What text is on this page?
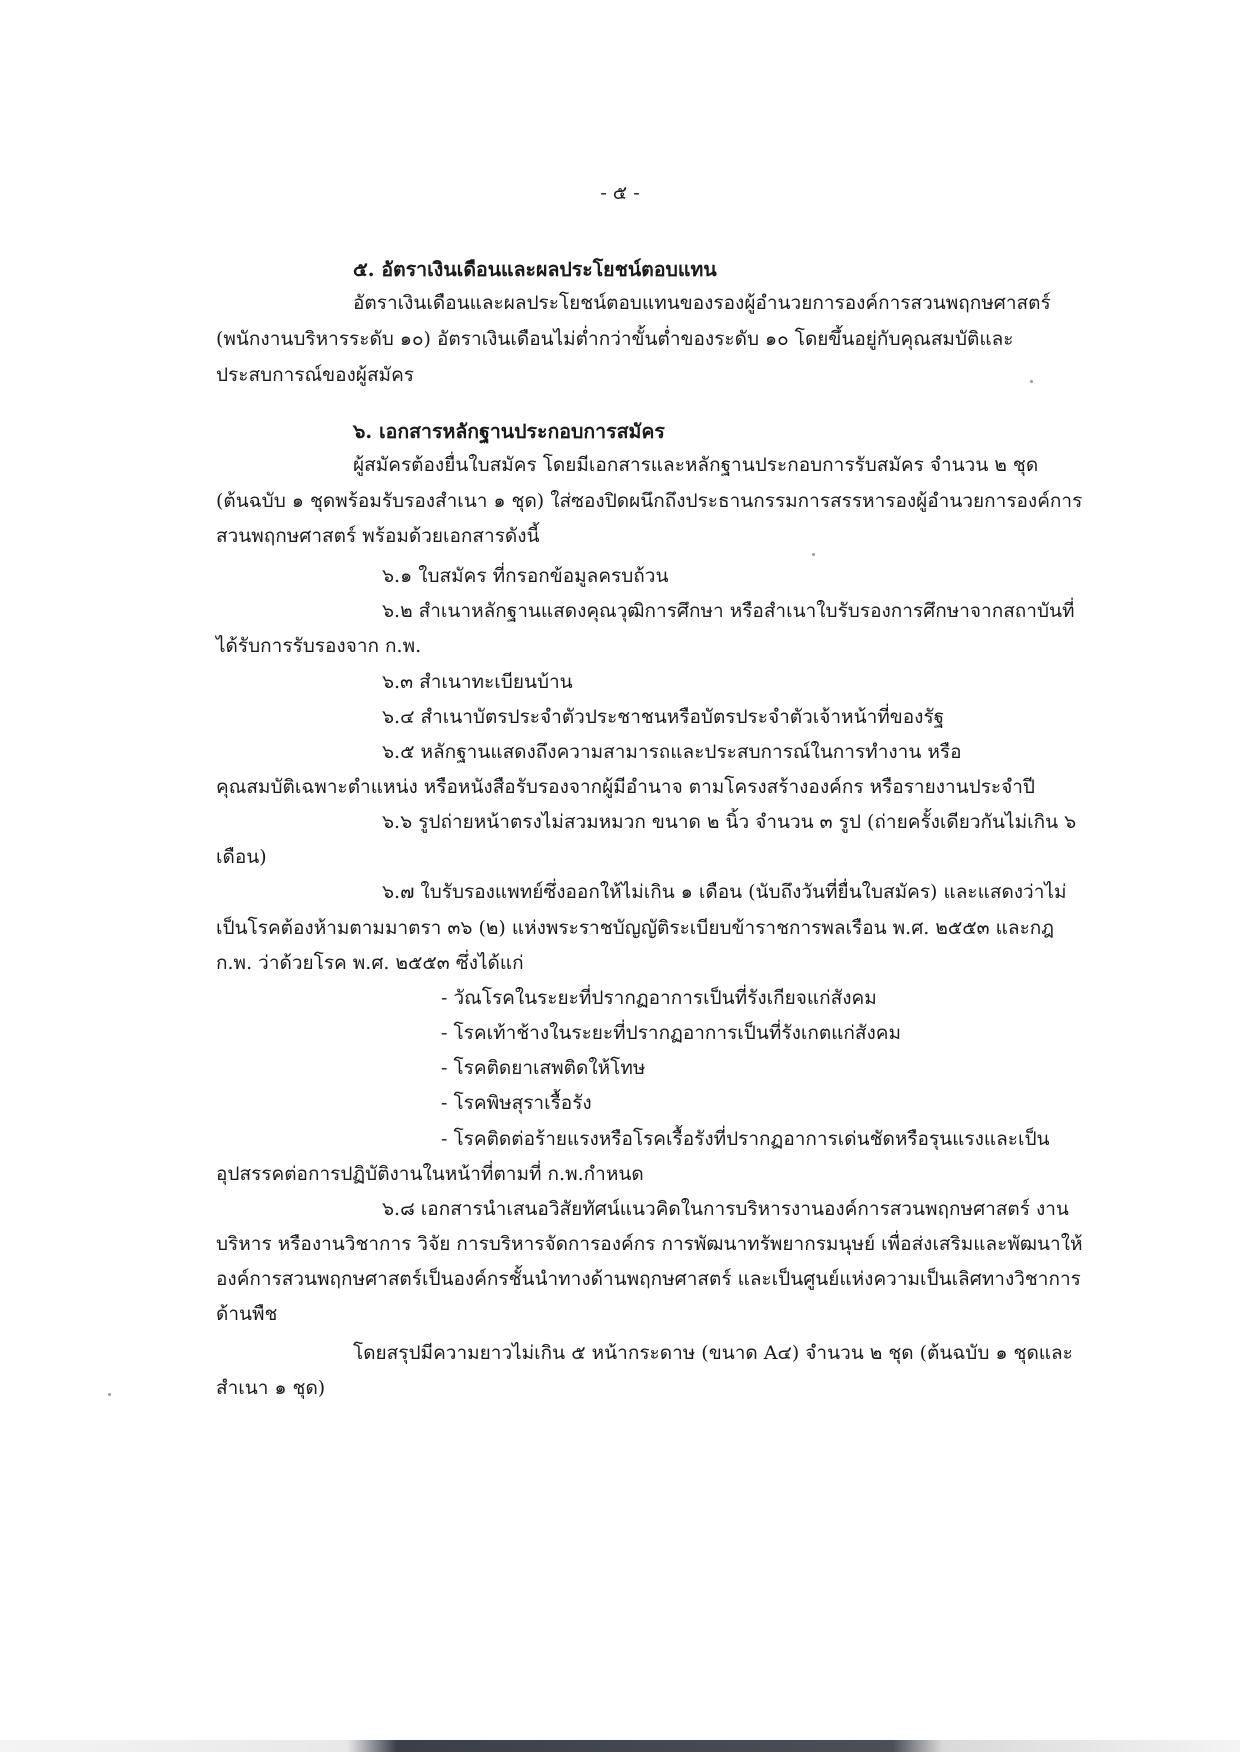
- ๕ -
๕. อัตราเงินเดือนและผลประโยชน์ตอบแทน
อัตราเงินเดือนและผลประโยชน์ตอบแทนของรองผู้อำนวยการองค์การสวนพฤกษศาสตร์
(พนักงานบริหารระดับ ๑๐) อัตราเงินเดือนไม่ต่ำกว่าขั้นต่ำของระดับ ๑๐ โดยขึ้นอยู่กับคุณสมบัติและ
ประสบการณ์ของผู้สมัคร
๖. เอกสารหลักฐานประกอบการสมัคร
ผู้สมัครต้องยื่นใบสมัคร โดยมีเอกสารและหลักฐานประกอบการรับสมัคร จำนวน ๒ ชุด
(ต้นฉบับ ๑ ชุดพร้อมรับรองสำเนา ๑ ชุด) ใส่ซองปิดผนึกถึงประธานกรรมการสรรหารองผู้อำนวยการองค์การ
สวนพฤกษศาสตร์ พร้อมด้วยเอกสารดังนี้
๖.๑ ใบสมัคร ที่กรอกข้อมูลครบถ้วน
๖.๒ สำเนาหลักฐานแสดงคุณวุฒิการศึกษา หรือสำเนาใบรับรองการศึกษาจากสถาบันที่
ได้รับการรับรองจาก ก.พ.
๖.๓ สำเนาทะเบียนบ้าน
๖.๔ สำเนาบัตรประจำตัวประชาชนหรือบัตรประจำตัวเจ้าหน้าที่ของรัฐ
๖.๕ หลักฐานแสดงถึงความสามารถและประสบการณ์ในการทำงาน หรือ
คุณสมบัติเฉพาะตำแหน่ง หรือหนังสือรับรองจากผู้มีอำนาจ ตามโครงสร้างองค์กร หรือรายงานประจำปี
๖.๖ รูปถ่ายหน้าตรงไม่สวมหมวก ขนาด ๒ นิ้ว จำนวน ๓ รูป (ถ่ายครั้งเดียวกันไม่เกิน ๖
เดือน)
๖.๗ ใบรับรองแพทย์ซึ่งออกให้ไม่เกิน ๑ เดือน (นับถึงวันที่ยื่นใบสมัคร) และแสดงว่าไม่
เป็นโรคต้องห้ามตามมาตรา ๓๖ (๒) แห่งพระราชบัญญัติระเบียบข้าราชการพลเรือน พ.ศ. ๒๕๕๓ และกฎ
ก.พ. ว่าด้วยโรค พ.ศ. ๒๕๕๓ ซึ่งได้แก่
- วัณโรคในระยะที่ปรากฏอาการเป็นที่รังเกียจแก่สังคม
- โรคเท้าช้างในระยะที่ปรากฏอาการเป็นที่รังเกตแก่สังคม
- โรคติดยาเสพติดให้โทษ
- โรคพิษสุราเรื้อรัง
- โรคติดต่อร้ายแรงหรือโรคเรื้อรังที่ปรากฏอาการเด่นชัดหรือรุนแรงและเป็น
อุปสรรคต่อการปฏิบัติงานในหน้าที่ตามที่ ก.พ.กำหนด
๖.๘ เอกสารนำเสนอวิสัยทัศน์แนวคิดในการบริหารงานองค์การสวนพฤกษศาสตร์ งาน
บริหาร หรืองานวิชาการ วิจัย การบริหารจัดการองค์กร การพัฒนาทรัพยากรมนุษย์ เพื่อส่งเสริมและพัฒนาให้
องค์การสวนพฤกษศาสตร์เป็นองค์กรชั้นนำทางด้านพฤกษศาสตร์ และเป็นศูนย์แห่งความเป็นเลิศทางวิชาการ
ด้านพืช
โดยสรุปมีความยาวไม่เกิน ๕ หน้ากระดาษ (ขนาด A๔) จำนวน ๒ ชุด (ต้นฉบับ ๑ ชุดและ
สำเนา ๑ ชุด)
